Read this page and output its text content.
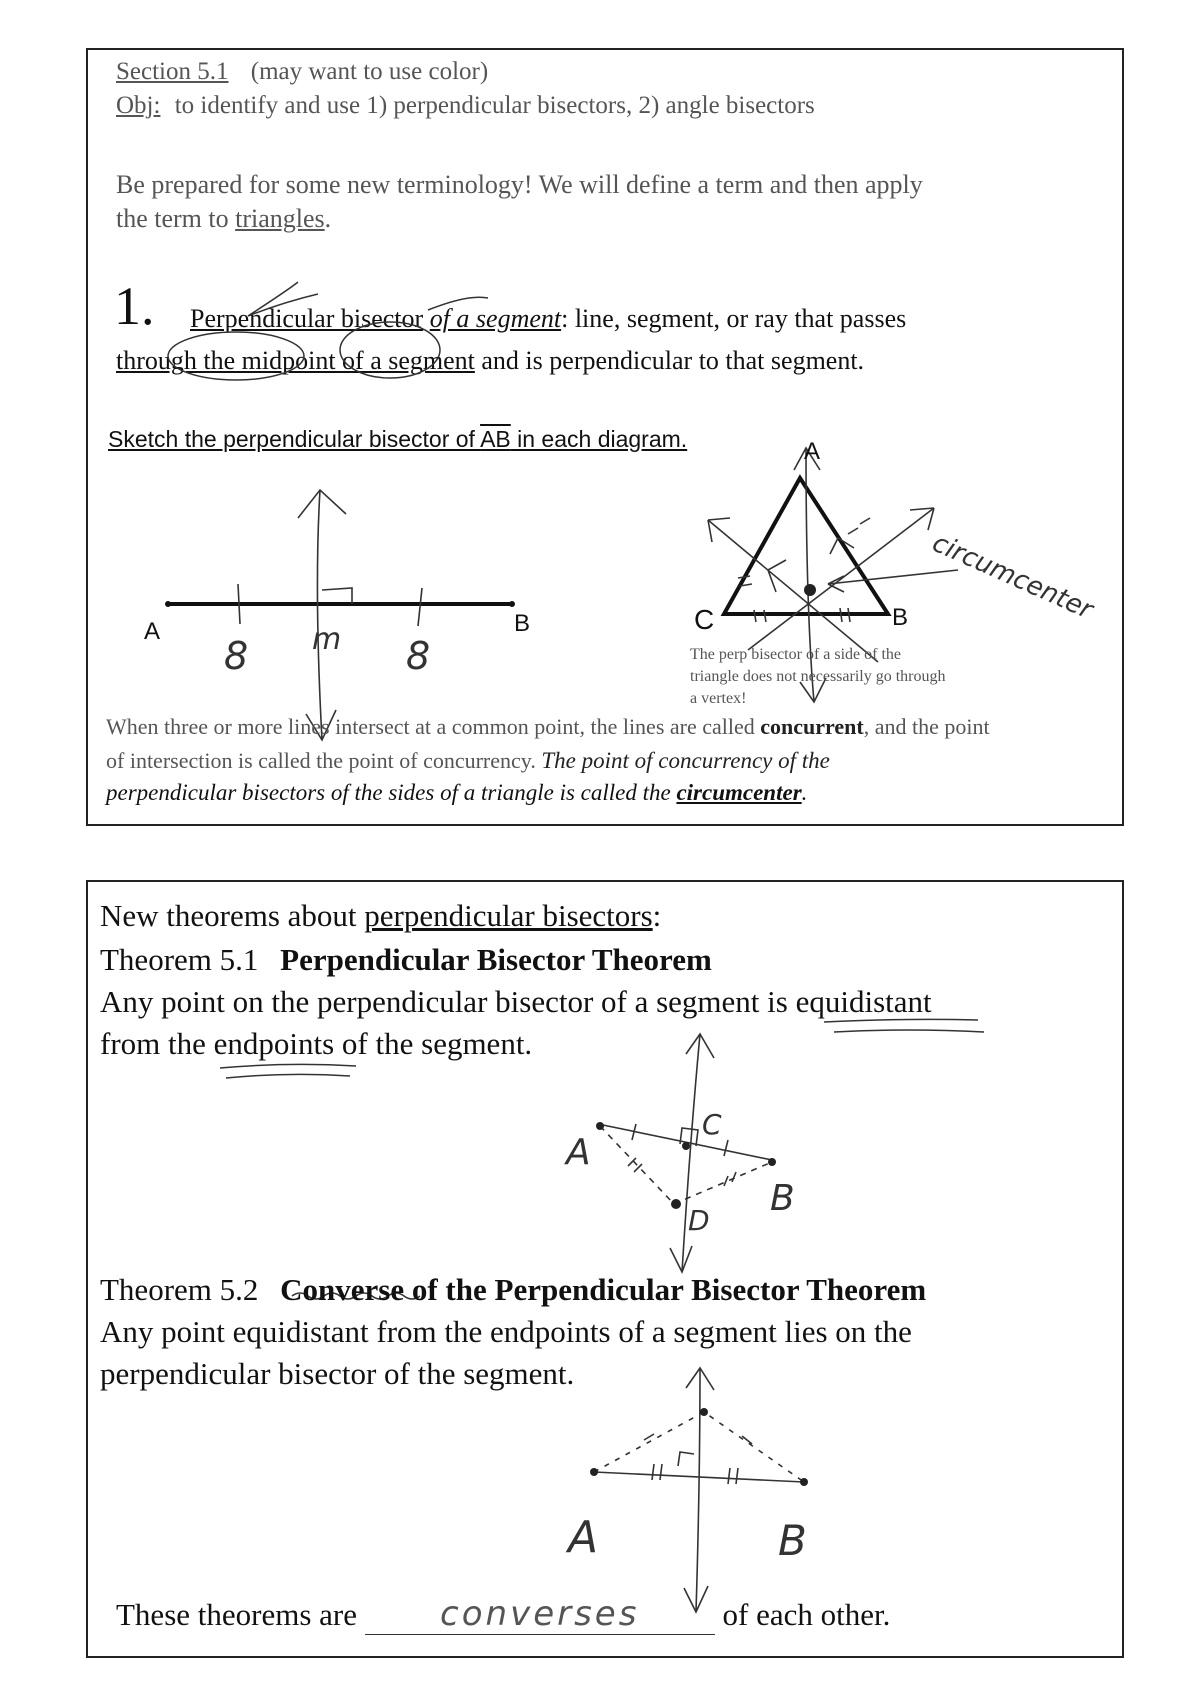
Section 5.1 (may want to use color)
Obj: to identify and use 1) perpendicular bisectors, 2) angle bisectors
Be prepared for some new terminology! We will define a term and then apply
the term to triangles.
1. Perpendicular bisector of a segment: line, segment, or ray that passes
through the midpoint of a segment and is perpendicular to that segment.
Sketch the perpendicular bisector of AB in each diagram.
A	B
8 m 8
A
B
C	circumcenter
The perp bisector of a side of the
triangle does not necessarily go through
a vertex!
When three or more lines intersect at a common point, the lines are called concurrent, and the point
of intersection is called the point of concurrency. The point of concurrency of the
perpendicular bisectors of the sides of a triangle is called the circumcenter.
New theorems about perpendicular bisectors:
Theorem 5.1 Perpendicular Bisector Theorem
Any point on the perpendicular bisector of a segment is equidistant
from the endpoints of the segment.
A
B
C
D
Theorem 5.2 Converse of the Perpendicular Bisector Theorem
Any point equidistant from the endpoints of a segment lies on the
perpendicular bisector of the segment.
A	B
These theorems are converses of each other.
